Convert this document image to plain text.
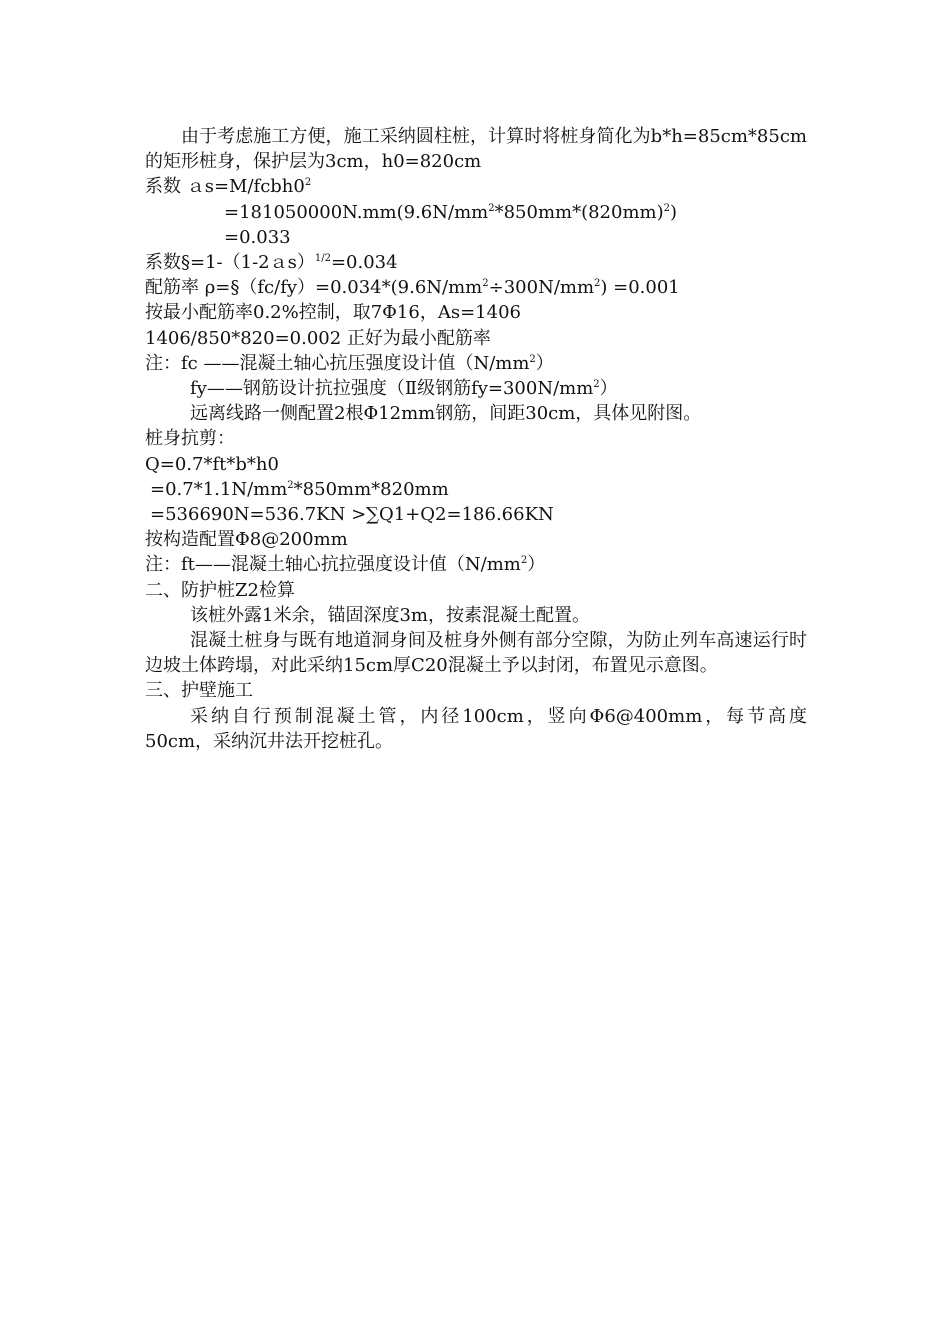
由于考虑施工方便，施工采纳圆柱桩，计算时将桩身简化为b*h=85cm*85cm 的矩形桩身，保护层为3cm，h0=820cm
系数 $as=M/fcbh0^2$
$=181050000N.mm(9.6N/mm^2*850mm*(820mm)^2)$
=0.033
系数§=1-（1-2ａs）$^{1/2}$=0.034
配筋率 $\rho=\S(fc/fy)=0.034*(9.6N/mm^2\div 300N/mm^2) =0.001$
按最小配筋率0.2%控制，取7Φ16，As=1406
1406/850*820=0.002 正好为最小配筋率
注：fc ——混凝土轴心抗压强度设计值$(N/mm^2)$
fy——钢筋设计抗拉强度（Ⅱ级钢筋$fy=300N/mm^2$）
远离线路一侧配置2根Φ12mm钢筋，间距30cm，具体见附图。
桩身抗剪：
Q=0.7*ft*b*h0
$=0.7*1.1N/mm^2*850mm*820mm$
=536690N=536.7KN >∑Q1+Q2=186.66KN
按构造配置Φ8@200mm
注：ft——混凝土轴心抗拉强度设计值$(N/mm^2)$
二、防护桩Z2检算
该桩外露1米余，锚固深度3m，按素混凝土配置。
混凝土桩身与既有地道洞身间及桩身外侧有部分空隙，为防止列车高速运行时边坡土体跨塌，对此采纳15cm厚C20混凝土予以封闭，布置见示意图。
三、护壁施工
采纳自行预制混凝土管，内径100cm，竖向Φ6@400mm，每节高度50cm，采纳沉井法开挖桩孔。
